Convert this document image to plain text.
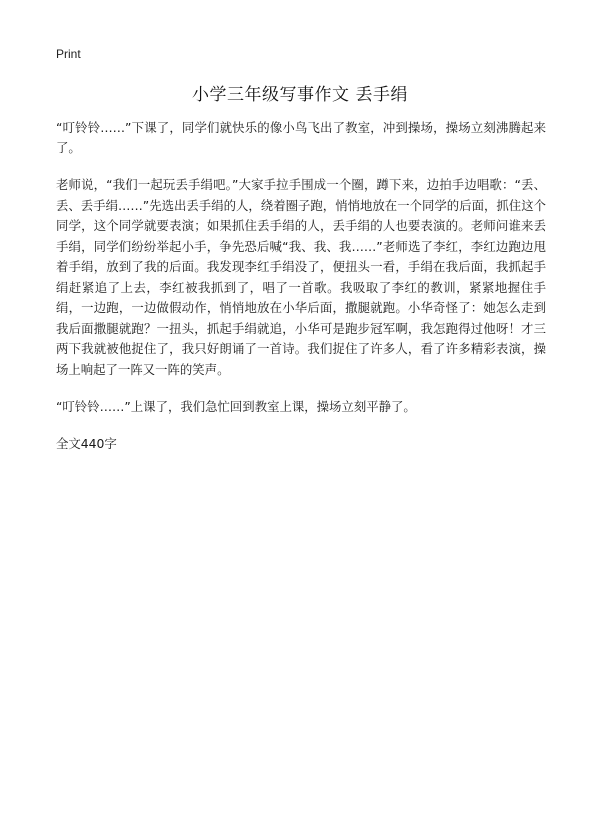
Print
小学三年级写事作文 丢手绢

“叮铃铃……”下课了，同学们就快乐的像小鸟飞出了教室，冲到操场，操场立刻沸腾起来了。

老师说，“我们一起玩丢手绢吧。”大家手拉手围成一个圈，蹲下来，边拍手边唱歌：“丢、丢、丢手绢……”先选出丢手绢的人，绕着圈子跑，悄悄地放在一个同学的后面，抓住这个同学，这个同学就要表演；如果抓住丢手绢的人，丢手绢的人也要表演的。老师问谁来丢手绢，同学们纷纷举起小手，争先恐后喊“我、我、我……”老师选了李红，李红边跑边甩着手绢，放到了我的后面。我发现李红手绢没了，便扭头一看，手绢在我后面，我抓起手绢赶紧追了上去，李红被我抓到了，唱了一首歌。我吸取了李红的教训，紧紧地握住手绢，一边跑，一边做假动作，悄悄地放在小华后面，撒腿就跑。小华奇怪了：她怎么走到我后面撒腿就跑？一扭头，抓起手绢就追，小华可是跑步冠军啊，我怎跑得过他呀！才三两下我就被他捉住了，我只好朗诵了一首诗。我们捉住了许多人，看了许多精彩表演，操场上响起了一阵又一阵的笑声。

“叮铃铃……”上课了，我们急忙回到教室上课，操场立刻平静了。

全文440字
